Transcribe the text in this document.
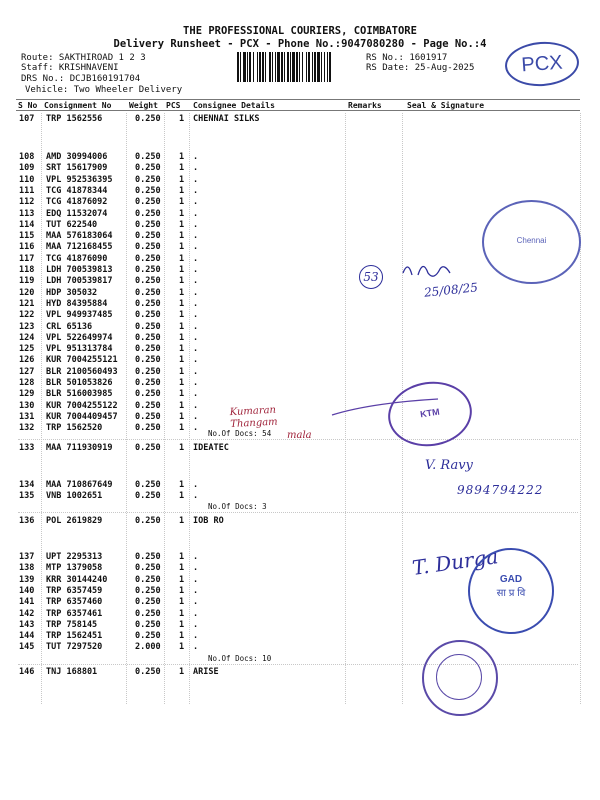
THE PROFESSIONAL COURIERS, COIMBATORE
Delivery Runsheet - PCX - Phone No.:9047080280 - Page No.:4
Route: SAKTHIROAD 1 2 3
Staff: KRISHNAVENI
DRS No.: DCJB160191704
Vehicle: Two Wheeler Delivery
RS No.: 1601917
RS Date: 25-Aug-2025	PCX
S No Consignment No Weight PCS Consignee Details	Remarks	Seal & Signature
107 TRP 1562556	0.250 1 CHENNAI SILKS
108 AMD 30994006	0.250 1 .
109 SRT 15617909	0.250 1 .
110 VPL 952536395	0.250 1 .
111 TCG 41878344	0.250 1 .
112 TCG 41876092	0.250 1 .
113 EDQ 11532074	0.250 1 .
114 TUT 622540	0.250 1 .
115 MAA 576183064	0.250 1 .
116 MAA 712168455	0.250 1 .
117 TCG 41876090	0.250 1 .
118 LDH 700539813	0.250 1 .
119 LDH 700539817	0.250 1 .
120 HDP 305032	0.250 1 .
121 HYD 84395884	0.250 1 .
122 VPL 949937485	0.250 1 .
123 CRL 65136	0.250 1 .
124 VPL 522649974	0.250 1 .
125 VPL 951313784	0.250 1 .
126 KUR 7004255121 0.250 1 .
127 BLR 2100560493 0.250 1 .
128 BLR 501053826	0.250 1 .
129 BLR 516003985	0.250 1 .
130 KUR 7004255122 0.250 1 .
131 KUR 7004409457 0.250 1 .
132 TRP 1562520	0.250 1 .
No.Of Docs: 54
133 MAA 711930919	0.250 1 IDEATEC
134 MAA 710867649	0.250 1 .
135 VNB 1002651	0.250 1 .
No.Of Docs: 3
136 POL 2619829	0.250 1 IOB RO
137 UPT 2295313	0.250 1 .
138 MTP 1379058	0.250 1 .
139 KRR 30144240	0.250 1 .
140 TRP 6357459	0.250 1 .
141 TRP 6357460	0.250 1 .
142 TRP 6357461	0.250 1 .
143 TRP 758145	0.250 1 .
144 TRP 1562451	0.250 1 .
145 TUT 7297520	2.000 1 .
No.Of Docs: 10
146 TNJ 168801	0.250 1 ARISE
Kumaran Thangam
mala
53
25/08/25
Chennai
KTM
V. Ravy
9894794222
T. Durga GAD
सा प्र वि
